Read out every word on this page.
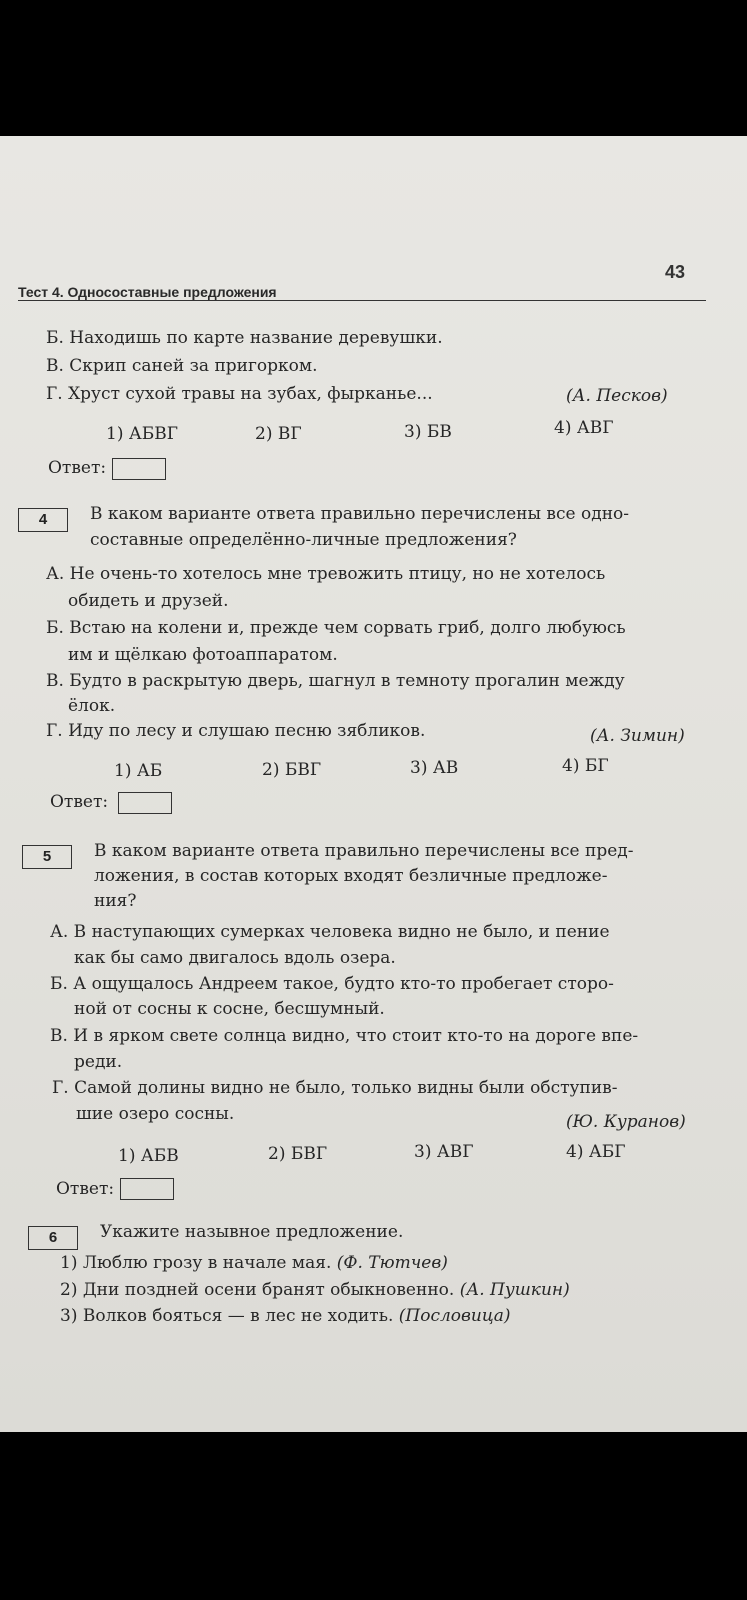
43
Тест 4. Односоставные предложения
Б. Находишь по карте название деревушки.
В. Скрип саней за пригорком.
Г. Хруст сухой травы на зубах, фырканье...	(А. Песков)
1) АБВГ	2) ВГ	3) БВ	4) АВГ
Ответ:
4	В каком варианте ответа правильно перечислены все одно-
составные определённо-личные предложения?
А. Не очень-то хотелось мне тревожить птицу, но не хотелось
обидеть и друзей.
Б. Встаю на колени и, прежде чем сорвать гриб, долго любуюсь
им и щёлкаю фотоаппаратом.
В. Будто в раскрытую дверь, шагнул в темноту прогалин между
ёлок.
Г. Иду по лесу и слушаю песню зябликов.	(А. Зимин)
1) АБ	2) БВГ	3) АВ	4) БГ
Ответ:
5	В каком варианте ответа правильно перечислены все пред-
ложения, в состав которых входят безличные предложе-
ния?
А. В наступающих сумерках человека видно не было, и пение
как бы само двигалось вдоль озера.
Б. А ощущалось Андреем такое, будто кто-то пробегает сторо-
ной от сосны к сосне, бесшумный.
В. И в ярком свете солнца видно, что стоит кто-то на дороге впе-
реди.
Г. Самой долины видно не было, только видны были обступив-
шие озеро сосны.	(Ю. Куранов)
1) АБВ	2) БВГ	3) АВГ	4) АБГ
Ответ:
6	Укажите назывное предложение.
1) Люблю грозу в начале мая. (Ф. Тютчев)
2) Дни поздней осени бранят обыкновенно. (А. Пушкин)
3) Волков бояться — в лес не ходить. (Пословица)
